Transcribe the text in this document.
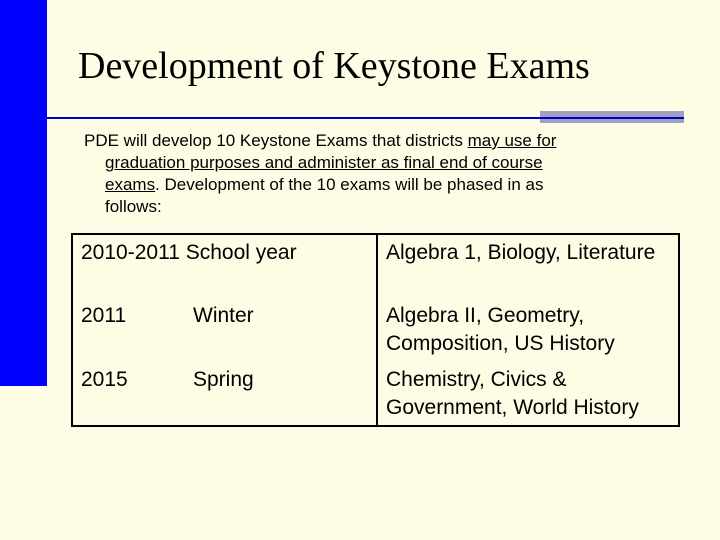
Development of Keystone Exams
PDE will develop 10 Keystone Exams that districts may use for
graduation purposes and administer as final end of course
exams. Development of the 10 exams will be phased in as
follows:
2010-2011 School year	Algebra 1, Biology, Literature
2011 Winter	Algebra II, Geometry, Composition, US History
2015 Spring	Chemistry, Civics & Government, World History
